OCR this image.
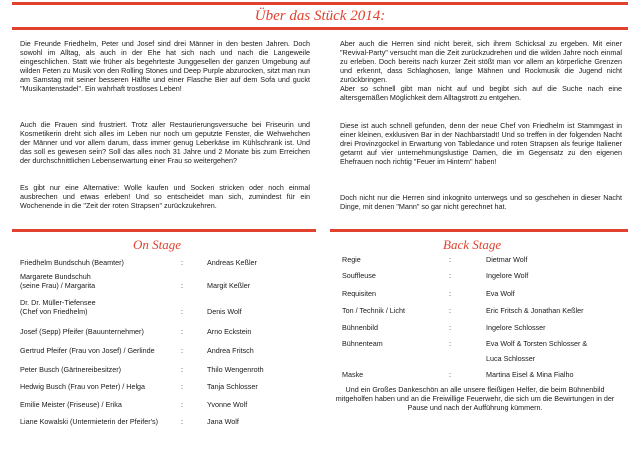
Über das Stück 2014:

Die Freunde Friedhelm, Peter und Josef sind drei Männer in den besten Jahren. Doch sowohl im Alltag, als auch in der Ehe hat sich nach und nach die Langeweile eingeschlichen. Statt wie früher als begehrteste Junggesellen der ganzen Umgebung auf wilden Feten zu Musik von den Rolling Stones und Deep Purple abzurocken, sitzt man nun am Samstag mit seiner besseren Hälfte und einer Flasche Bier auf dem Sofa und guckt "Musikantenstadel". Ein wahrhaft trostloses Leben!

Auch die Frauen sind frustriert. Trotz aller Restaurierungsversuche bei Friseurin und Kosmetikerin dreht sich alles im Leben nur noch um geputzte Fenster, die Wehwehchen der Männer und vor allem darum, dass immer genug Leberkäse im Kühlschrank ist. Und das soll es gewesen sein? Soll das alles noch 31 Jahre und 2 Monate bis zum Erreichen der durchschnittlichen Lebenserwartung einer Frau so weitergehen?

Es gibt nur eine Alternative: Wolle kaufen und Socken stricken oder noch einmal ausbrechen und etwas erleben! Und so entscheidet man sich, zumindest für ein Wochenende in die "Zeit der roten Strapsen" zurückzukehren.

Aber auch die Herren sind nicht bereit, sich ihrem Schicksal zu ergeben. Mit einer "Revival-Party" versucht man die Zeit zurückzudrehen und die wilden Jahre noch einmal zu erleben. Doch bereits nach kurzer Zeit stößt man vor allem an körperliche Grenzen und erkennt, dass Schlaghosen, lange Mähnen und Rockmusik die Jugend nicht zurückbringen.

Aber so schnell gibt man nicht auf und begibt sich auf die Suche nach eine altersgemäßen Möglichkeit dem Alltagstrott zu entgehen.

Diese ist auch schnell gefunden, denn der neue Chef von Friedhelm ist Stammgast in einer kleinen, exklusiven Bar in der Nachbarstadt! Und so treffen in der folgenden Nacht drei Provinzgockel in Erwartung von Tabledance und roten Strapsen als feurige Italiener getarnt auf vier unternehmungslustige Damen, die im Gegensatz zu den eigenen Ehefrauen noch richtig "Feuer im Hintern" haben!

Doch nicht nur die Herren sind inkognito unterwegs und so geschehen in dieser Nacht Dinge, mit denen "Mann" so gar nicht gerechnet hat.

On Stage	Back Stage
Friedhelm Bundschuh (Beamter)	:	Andreas Keßler
Margarete Bundschuh
(seine Frau) / Margarita	:	Margit Keßler
Dr. Dr. Müller-Tiefensee
(Chef von Friedhelm)	:	Denis Wolf
Josef (Sepp) Pfeifer (Bauunternehmer)	:	Arno Eckstein
Gertrud Pfeifer (Frau von Josef) / Gerlinde	:	Andrea Fritsch
Peter Busch (Gärtnereibesitzer)	:	Thilo Wengenroth
Hedwig Busch (Frau von Peter) / Helga	:	Tanja Schlosser
Emilie Meister (Friseuse) / Erika	:	Yvonne Wolf
Liane Kowalski (Untermieterin der Pfeifer's)	:	Jana Wolf
Regie	:	Dietmar Wolf
Souffleuse	:	Ingelore Wolf
Requisiten	:	Eva Wolf
Ton / Technik / Licht	:	Eric Fritsch & Jonathan Keßler
Bühnenbild	:	Ingelore Schlosser
Bühnenteam	:	Eva Wolf & Torsten Schlosser &
Luca Schlosser
Maske	:	Martina Eisel & Mina Fialho
Und ein Großes Dankeschön an alle unsere fleißigen Helfer, die beim Bühnenbild mitgeholfen haben und an die Freiwillige Feuerwehr, die sich um die Bewirtungen in der Pause und nach der Aufführung kümmern.
